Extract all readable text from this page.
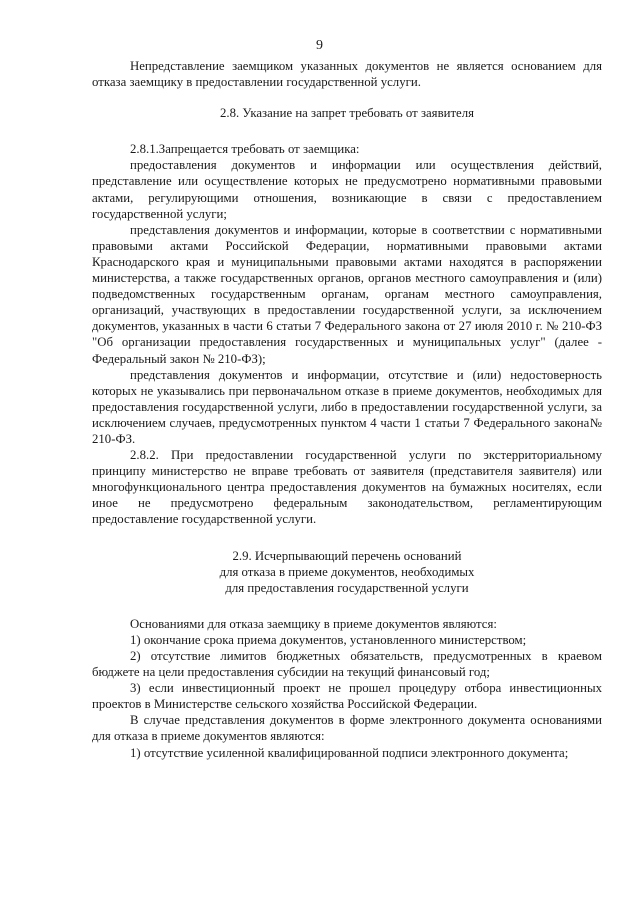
9

Непредставление заемщиком указанных документов не является основанием для отказа заемщику в предоставлении государственной услуги.

2.8. Указание на запрет требовать от заявителя

2.8.1.Запрещается требовать от заемщика:

предоставления документов и информации или осуществления действий, представление или осуществление которых не предусмотрено нормативными правовыми актами, регулирующими отношения, возникающие в связи с предоставлением государственной услуги;

представления документов и информации, которые в соответствии с нормативными правовыми актами Российской Федерации, нормативными правовыми актами Краснодарского края и муниципальными правовыми актами находятся в распоряжении министерства, а также государственных органов, органов местного самоуправления и (или) подведомственных государственным органам, органам местного самоуправления, организаций, участвующих в предоставлении государственной услуги, за исключением документов, указанных в части 6 статьи 7 Федерального закона от 27 июля 2010 г. № 210-ФЗ "Об организации предоставления государственных и муниципальных услуг" (далее - Федеральный закон № 210-ФЗ);

представления документов и информации, отсутствие и (или) недостоверность которых не указывались при первоначальном отказе в приеме документов, необходимых для предоставления государственной услуги, либо в предоставлении государственной услуги, за исключением случаев, предусмотренных пунктом 4 части 1 статьи 7 Федерального закона№ 210-ФЗ.

2.8.2. При предоставлении государственной услуги по экстерриториальному принципу министерство не вправе требовать от заявителя (представителя заявителя) или многофункционального центра предоставления документов на бумажных носителях, если иное не предусмотрено федеральным законодательством, регламентирующим предоставление государственной услуги.

2.9. Исчерпывающий перечень оснований
для отказа в приеме документов, необходимых
для предоставления государственной услуги

Основаниями для отказа заемщику в приеме документов являются:

1) окончание срока приема документов, установленного министерством;

2) отсутствие лимитов бюджетных обязательств, предусмотренных в краевом бюджете на цели предоставления субсидии на текущий финансовый год;

3) если инвестиционный проект не прошел процедуру отбора инвестиционных проектов в Министерстве сельского хозяйства Российской Федерации.

В случае представления документов в форме электронного документа основаниями для отказа в приеме документов являются:

1) отсутствие усиленной квалифицированной подписи электронного документа;
